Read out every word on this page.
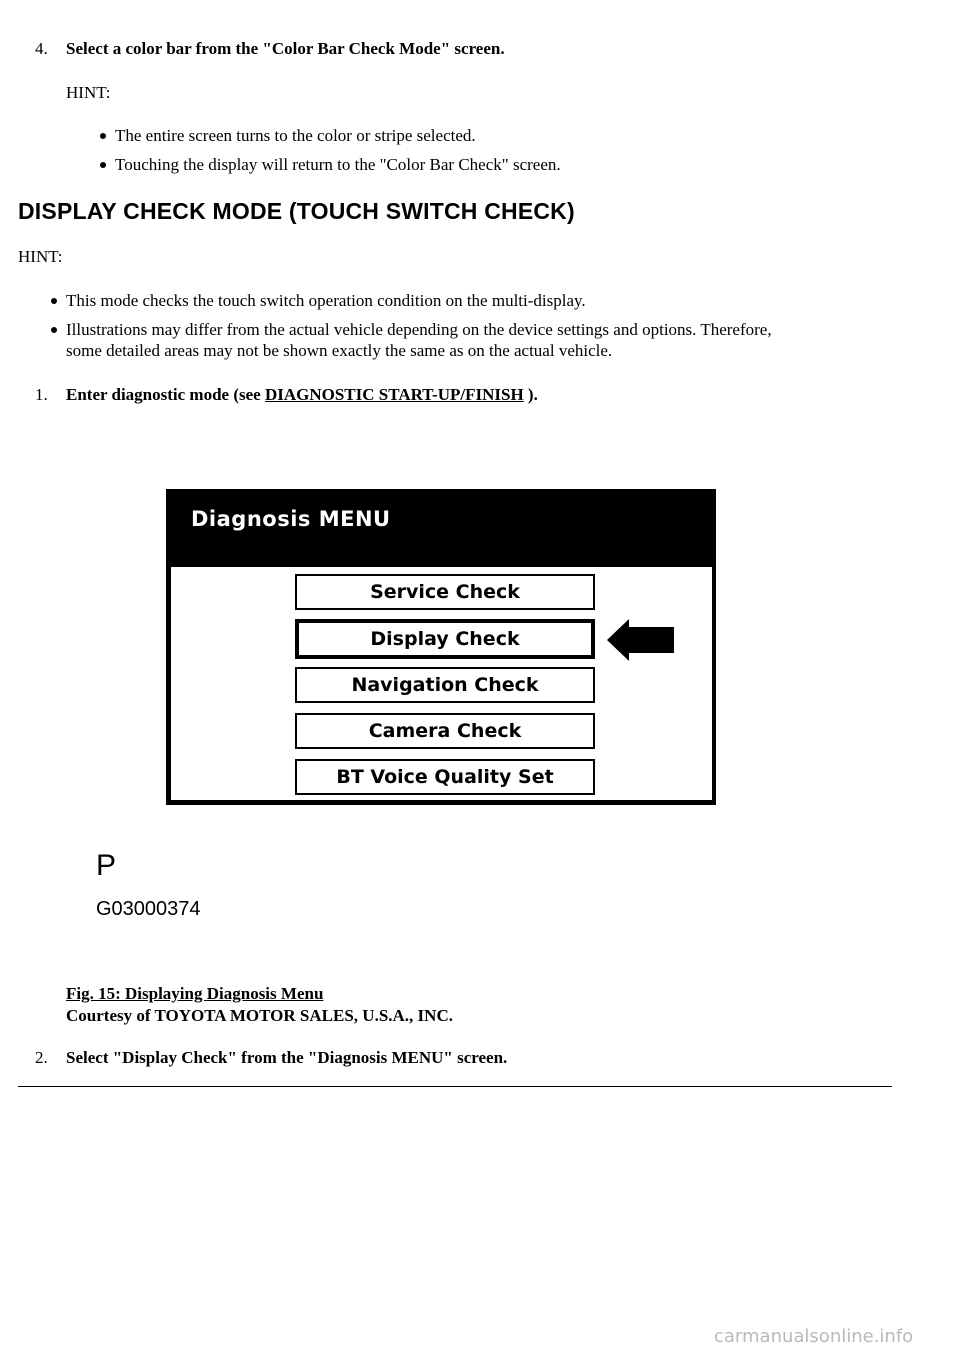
4. Select a color bar from the "Color Bar Check Mode" screen.
HINT:
The entire screen turns to the color or stripe selected.
Touching the display will return to the "Color Bar Check" screen.
DISPLAY CHECK MODE (TOUCH SWITCH CHECK)
HINT:
This mode checks the touch switch operation condition on the multi-display.
Illustrations may differ from the actual vehicle depending on the device settings and options. Therefore,
some detailed areas may not be shown exactly the same as on the actual vehicle.
1. Enter diagnostic mode (see DIAGNOSTIC START-UP/FINISH ).
Diagnosis MENU
Service Check
Display Check
Navigation Check
Camera Check
BT Voice Quality Set
P
G03000374
Fig. 15: Displaying Diagnosis Menu
Courtesy of TOYOTA MOTOR SALES, U.S.A., INC.
2. Select "Display Check" from the "Diagnosis MENU" screen.
carmanualsonline.info
